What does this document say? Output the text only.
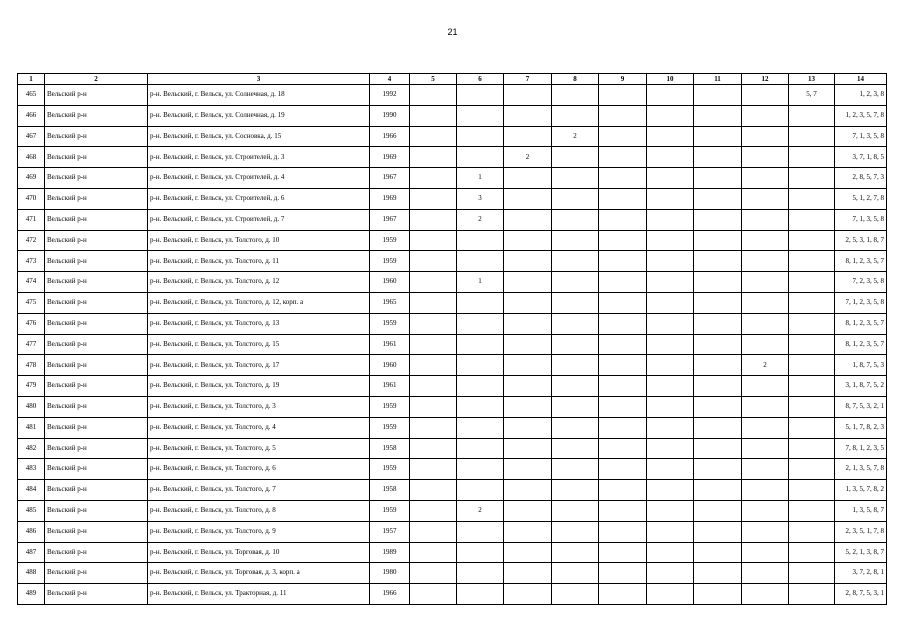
21
1	2	3	4	5	6	7	8	9	10	11	12	13	14
465	Вельский р-н	р-н. Вельский, г. Вельск, ул. Солнечная, д. 18	1992									5, 7	1, 2, 3, 8
466	Вельский р-н	р-н. Вельский, г. Вельск, ул. Солнечная, д. 19	1990										1, 2, 3, 5, 7, 8
467	Вельский р-н	р-н. Вельский, г. Вельск, ул. Сосновка, д. 15	1966				2						7, 1, 3, 5, 8
468	Вельский р-н	р-н. Вельский, г. Вельск, ул. Строителей, д. 3	1969			2							3, 7, 1, 8, 5
469	Вельский р-н	р-н. Вельский, г. Вельск, ул. Строителей, д. 4	1967		1								2, 8, 5, 7, 3
470	Вельский р-н	р-н. Вельский, г. Вельск, ул. Строителей, д. 6	1969		3								5, 1, 2, 7, 8
471	Вельский р-н	р-н. Вельский, г. Вельск, ул. Строителей, д. 7	1967		2								7, 1, 3, 5, 8
472	Вельский р-н	р-н. Вельский, г. Вельск, ул. Толстого, д. 10	1959										2, 5, 3, 1, 8, 7
473	Вельский р-н	р-н. Вельский, г. Вельск, ул. Толстого, д. 11	1959										8, 1, 2, 3, 5, 7
474	Вельский р-н	р-н. Вельский, г. Вельск, ул. Толстого, д. 12	1960		1								7, 2, 3, 5, 8
475	Вельский р-н	р-н. Вельский, г. Вельск, ул. Толстого, д. 12, корп. а	1965										7, 1, 2, 3, 5, 8
476	Вельский р-н	р-н. Вельский, г. Вельск, ул. Толстого, д. 13	1959										8, 1, 2, 3, 5, 7
477	Вельский р-н	р-н. Вельский, г. Вельск, ул. Толстого, д. 15	1961										8, 1, 2, 3, 5, 7
478	Вельский р-н	р-н. Вельский, г. Вельск, ул. Толстого, д. 17	1960								2		1, 8, 7, 5, 3
479	Вельский р-н	р-н. Вельский, г. Вельск, ул. Толстого, д. 19	1961										3, 1, 8, 7, 5, 2
480	Вельский р-н	р-н. Вельский, г. Вельск, ул. Толстого, д. 3	1959										8, 7, 5, 3, 2, 1
481	Вельский р-н	р-н. Вельский, г. Вельск, ул. Толстого, д. 4	1959										5, 1, 7, 8, 2, 3
482	Вельский р-н	р-н. Вельский, г. Вельск, ул. Толстого, д. 5	1958										7, 8, 1, 2, 3, 5
483	Вельский р-н	р-н. Вельский, г. Вельск, ул. Толстого, д. 6	1959										2, 1, 3, 5, 7, 8
484	Вельский р-н	р-н. Вельский, г. Вельск, ул. Толстого, д. 7	1958										1, 3, 5, 7, 8, 2
485	Вельский р-н	р-н. Вельский, г. Вельск, ул. Толстого, д. 8	1959		2								1, 3, 5, 8, 7
486	Вельский р-н	р-н. Вельский, г. Вельск, ул. Толстого, д. 9	1957										2, 3, 5, 1, 7, 8
487	Вельский р-н	р-н. Вельский, г. Вельск, ул. Торговая, д. 10	1989										5, 2, 1, 3, 8, 7
488	Вельский р-н	р-н. Вельский, г. Вельск, ул. Торговая, д. 3, корп. а	1980										3, 7, 2, 8, 1
489	Вельский р-н	р-н. Вельский, г. Вельск, ул. Тракторная, д. 11	1966										2, 8, 7, 5, 3, 1
